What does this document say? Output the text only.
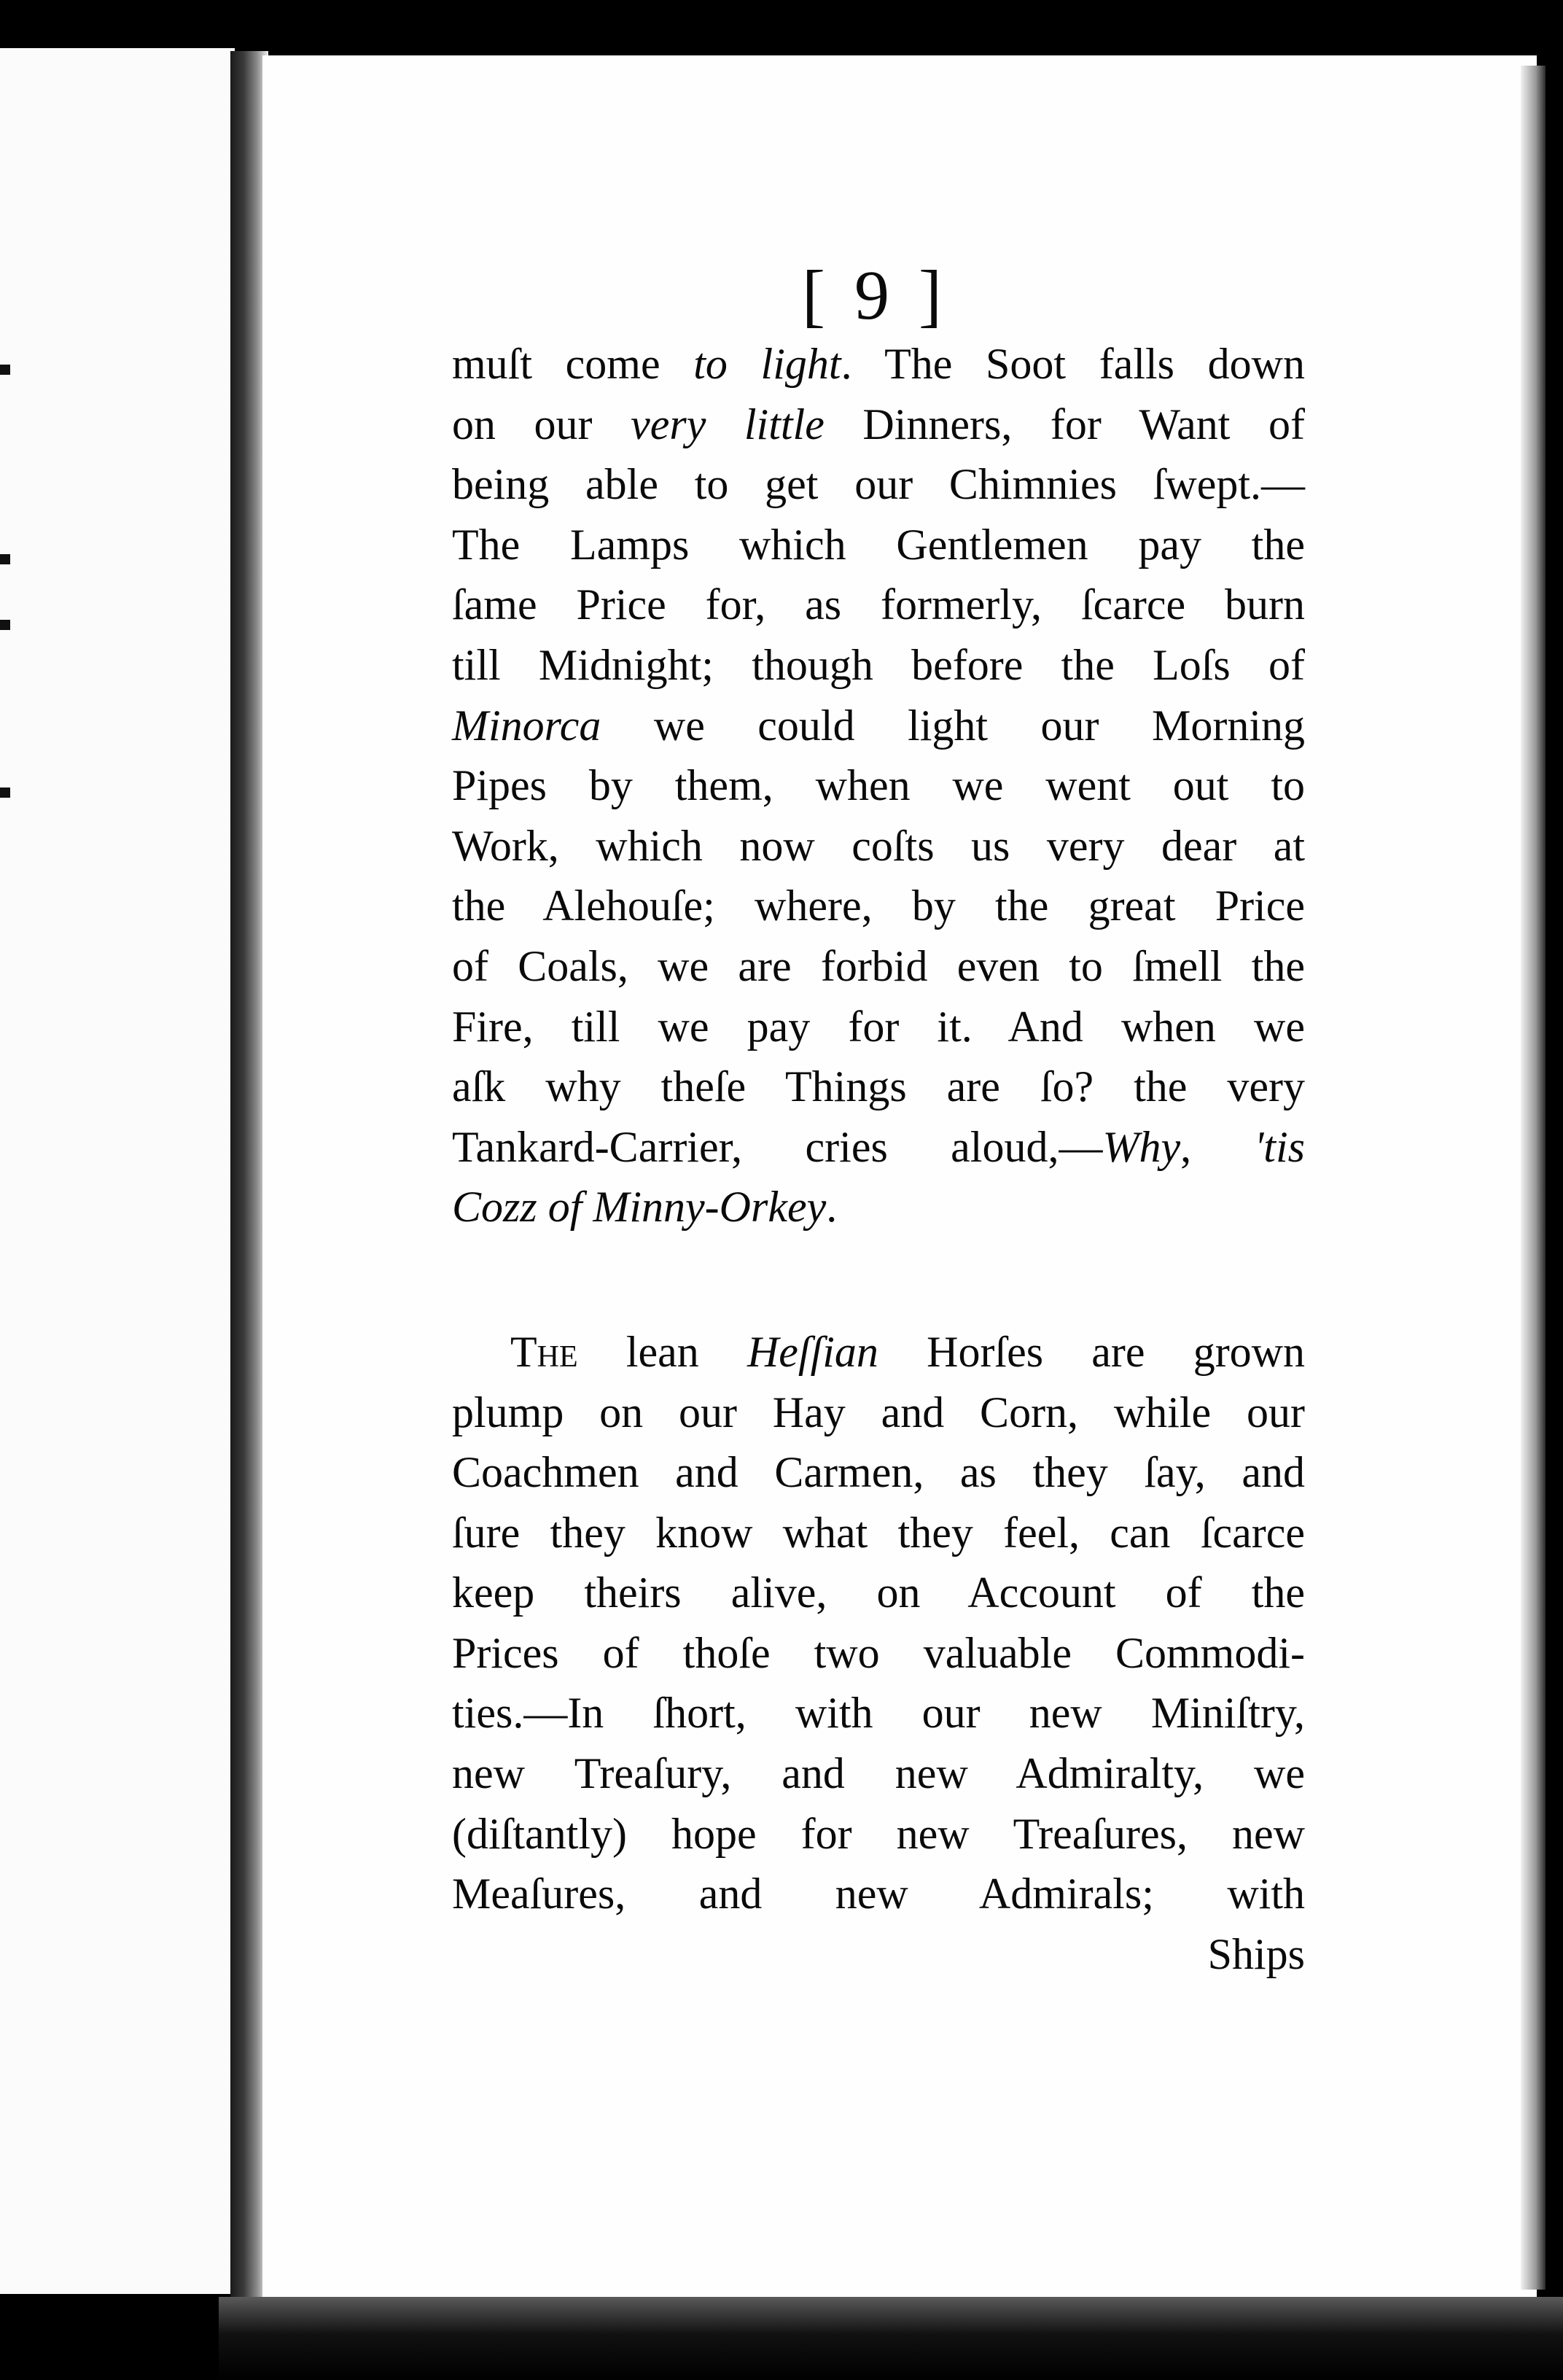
[ 9 ]
muſt come to light. The Soot falls down
on our very little Dinners, for Want of
being able to get our Chimnies ſwept.—
The Lamps which Gentlemen pay the
ſame Price for, as formerly, ſcarce burn
till Midnight; though before the Loſs of
Minorca we could light our Morning
Pipes by them, when we went out to
Work, which now coſts us very dear at
the Alehouſe; where, by the great Price
of Coals, we are forbid even to ſmell the
Fire, till we pay for it. And when we
aſk why theſe Things are ſo? the very
Tankard-Carrier, cries aloud,—Why, 'tis
Cozz of Minny-Orkey.
The lean Heſſian Horſes are grown
plump on our Hay and Corn, while our
Coachmen and Carmen, as they ſay, and
ſure they know what they feel, can ſcarce
keep theirs alive, on Account of the
Prices of thoſe two valuable Commodi-
ties.—In ſhort, with our new Miniſtry,
new Treaſury, and new Admiralty, we
(diſtantly) hope for new Treaſures, new
Meaſures, and new Admirals; with
Ships
